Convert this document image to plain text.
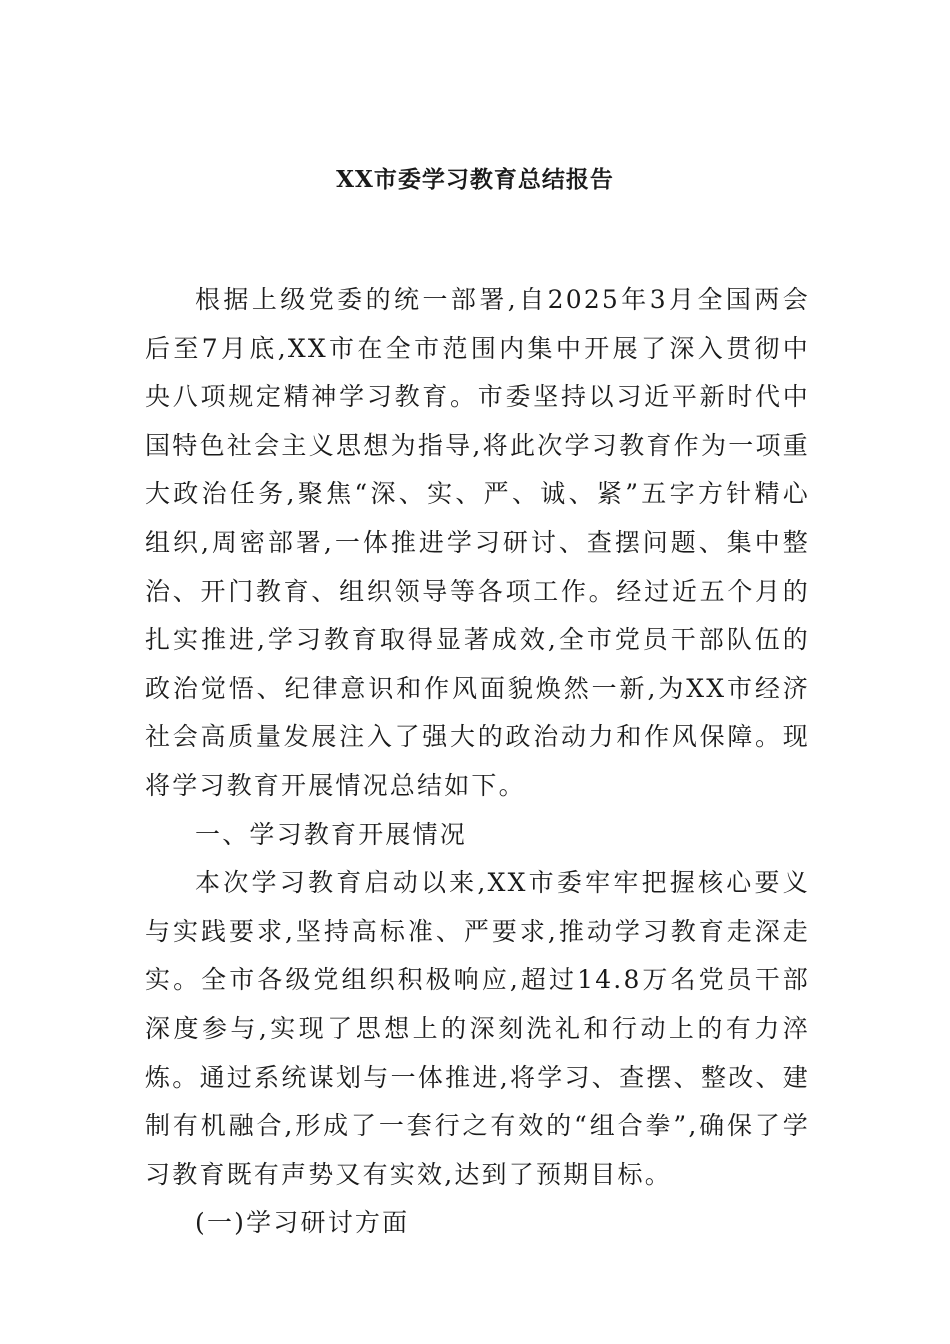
XX市委学习教育总结报告

根据上级党委的统一部署,自2025年3月全国两会后至7月底,XX市在全市范围内集中开展了深入贯彻中央八项规定精神学习教育。市委坚持以习近平新时代中国特色社会主义思想为指导,将此次学习教育作为一项重大政治任务,聚焦“深、实、严、诚、紧”五字方针精心组织,周密部署,一体推进学习研讨、查摆问题、集中整治、开门教育、组织领导等各项工作。经过近五个月的扎实推进,学习教育取得显著成效,全市党员干部队伍的政治觉悟、纪律意识和作风面貌焕然一新,为XX市经济社会高质量发展注入了强大的政治动力和作风保障。现将学习教育开展情况总结如下。

一、学习教育开展情况

本次学习教育启动以来,XX市委牢牢把握核心要义与实践要求,坚持高标准、严要求,推动学习教育走深走实。全市各级党组织积极响应,超过14.8万名党员干部深度参与,实现了思想上的深刻洗礼和行动上的有力淬炼。通过系统谋划与一体推进,将学习、查摆、整改、建制有机融合,形成了一套行之有效的“组合拳”,确保了学习教育既有声势又有实效,达到了预期目标。

(一)学习研讨方面
